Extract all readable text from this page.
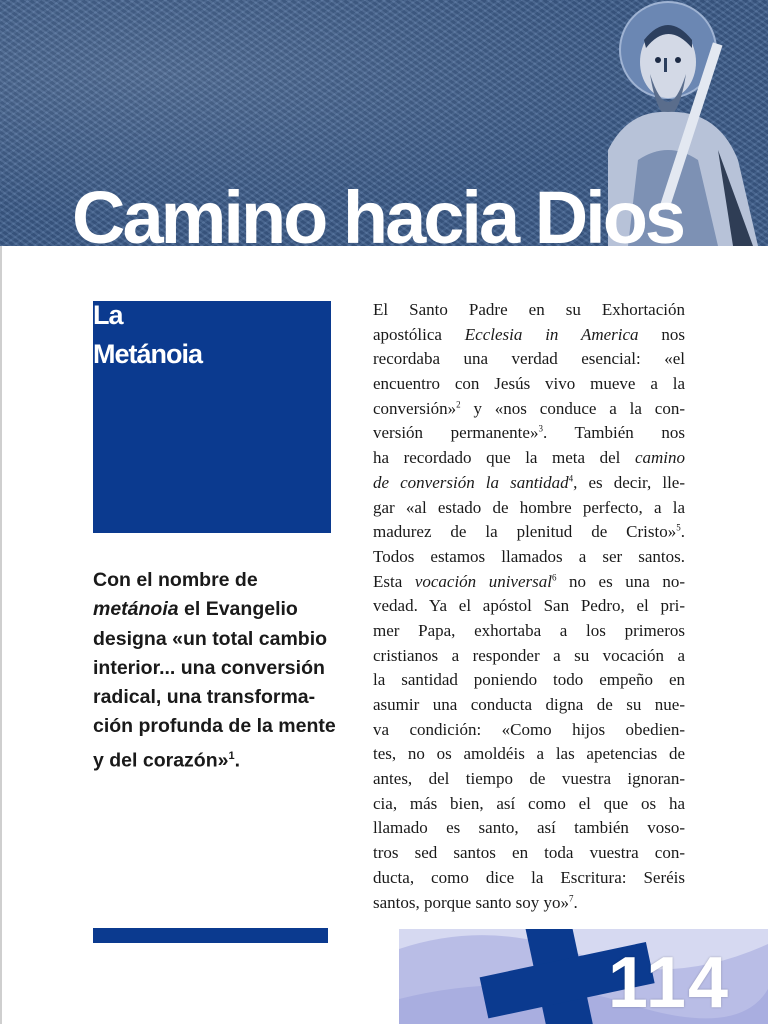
Camino hacia Dios
La
Metánoia

Con el nombre de metánoia el Evangelio designa «un total cambio interior... una conversión radical, una transformación profunda de la mente y del corazón»$^1$.

El Santo Padre en su Exhortación
apostólica Ecclesia in America nos
recordaba una verdad esencial: «el
encuentro con Jesús vivo mueve a la
conversión»$^2$ y «nos conduce a la con-
versión permanente»$^3$. También nos
ha recordado que la meta del camino
de conversión la santidad$^4$, es decir, lle-
gar «al estado de hombre perfecto, a la
madurez de la plenitud de Cristo»$^5$.
Todos estamos llamados a ser santos.
Esta vocación universal$^6$ no es una no-
vedad. Ya el apóstol San Pedro, el pri-
mer Papa, exhortaba a los primeros
cristianos a responder a su vocación a
la santidad poniendo todo empeño en
asumir una conducta digna de su nue-
va condición: «Como hijos obedien-
tes, no os amoldéis a las apetencias de
antes, del tiempo de vuestra ignoran-
cia, más bien, así como el que os ha
llamado es santo, así también voso-
tros sed santos en toda vuestra con-
ducta, como dice la Escritura: Seréis
santos, porque santo soy yo»$^7$.

114
